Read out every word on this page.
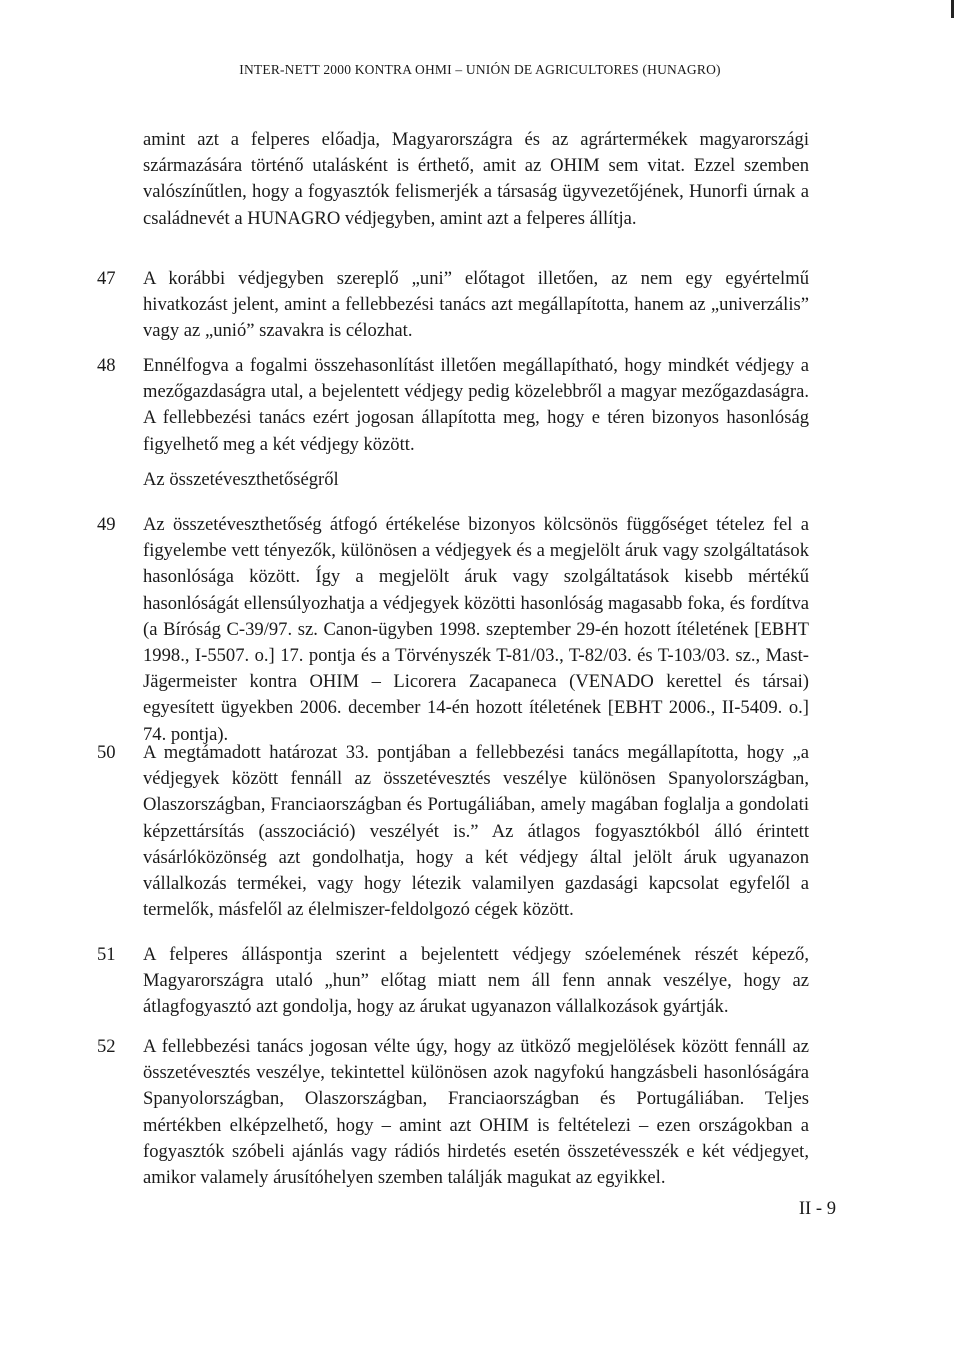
INTER-NETT 2000 KONTRA OHMI – UNIÓN DE AGRICULTORES (HUNAGRO)
amint azt a felperes előadja, Magyarországra és az agrártermékek magyarországi származására történő utalásként is érthető, amit az OHIM sem vitat. Ezzel szemben valószínűtlen, hogy a fogyasztók felismerjék a társaság ügyvezetőjének, Hunorfi úrnak a családnevét a HUNAGRO védjegyben, amint azt a felperes állítja.
47 A korábbi védjegyben szereplő „uni” előtagot illetően, az nem egy egyértelmű hivatkozást jelent, amint a fellebbezési tanács azt megállapította, hanem az „univerzális” vagy az „unió” szavakra is célozhat.
48 Ennélfogva a fogalmi összehasonlítást illetően megállapítható, hogy mindkét védjegy a mezőgazdaságra utal, a bejelentett védjegy pedig közelebbről a magyar mezőgazdaságra. A fellebbezési tanács ezért jogosan állapította meg, hogy e téren bizonyos hasonlóság figyelhető meg a két védjegy között.
Az összetéveszthetőségről
49 Az összetéveszthetőség átfogó értékelése bizonyos kölcsönös függőséget tételez fel a figyelembe vett tényezők, különösen a védjegyek és a megjelölt áruk vagy szolgáltatások hasonlósága között. Így a megjelölt áruk vagy szolgáltatások kisebb mértékű hasonlóságát ellensúlyozhatja a védjegyek közötti hasonlóság magasabb foka, és fordítva (a Bíróság C-39/97. sz. Canon-ügyben 1998. szeptember 29-én hozott ítéletének [EBHT 1998., I-5507. o.] 17. pontja és a Törvényszék T-81/03., T-82/03. és T-103/03. sz., Mast-Jägermeister kontra OHIM – Licorera Zacapaneca (VENADO kerettel és társai) egyesített ügyekben 2006. december 14-én hozott ítéletének [EBHT 2006., II-5409. o.] 74. pontja).
50 A megtámadott határozat 33. pontjában a fellebbezési tanács megállapította, hogy „a védjegyek között fennáll az összetévesztés veszélye különösen Spanyolországban, Olaszországban, Franciaországban és Portugáliában, amely magában foglalja a gondolati képzettársítás (asszociáció) veszélyét is.” Az átlagos fogyasztókból álló érintett vásárlóközönség azt gondolhatja, hogy a két védjegy által jelölt áruk ugyanazon vállalkozás termékei, vagy hogy létezik valamilyen gazdasági kapcsolat egyfelől a termelők, másfelől az élelmiszer-feldolgozó cégek között.
51 A felperes álláspontja szerint a bejelentett védjegy szóelemének részét képező, Magyarországra utaló „hun” előtag miatt nem áll fenn annak veszélye, hogy az átlagfogyasztó azt gondolja, hogy az árukat ugyanazon vállalkozások gyártják.
52 A fellebbezési tanács jogosan vélte úgy, hogy az ütköző megjelölések között fennáll az összetévesztés veszélye, tekintettel különösen azok nagyfokú hangzásbeli hasonlóságára Spanyolországban, Olaszországban, Franciaországban és Portugáliában. Teljes mértékben elképzelhető, hogy – amint azt OHIM is feltételezi – ezen országokban a fogyasztók szóbeli ajánlás vagy rádiós hirdetés esetén összetévesszék e két védjegyet, amikor valamely árusítóhelyen szemben találják magukat az egyikkel.
II - 9
